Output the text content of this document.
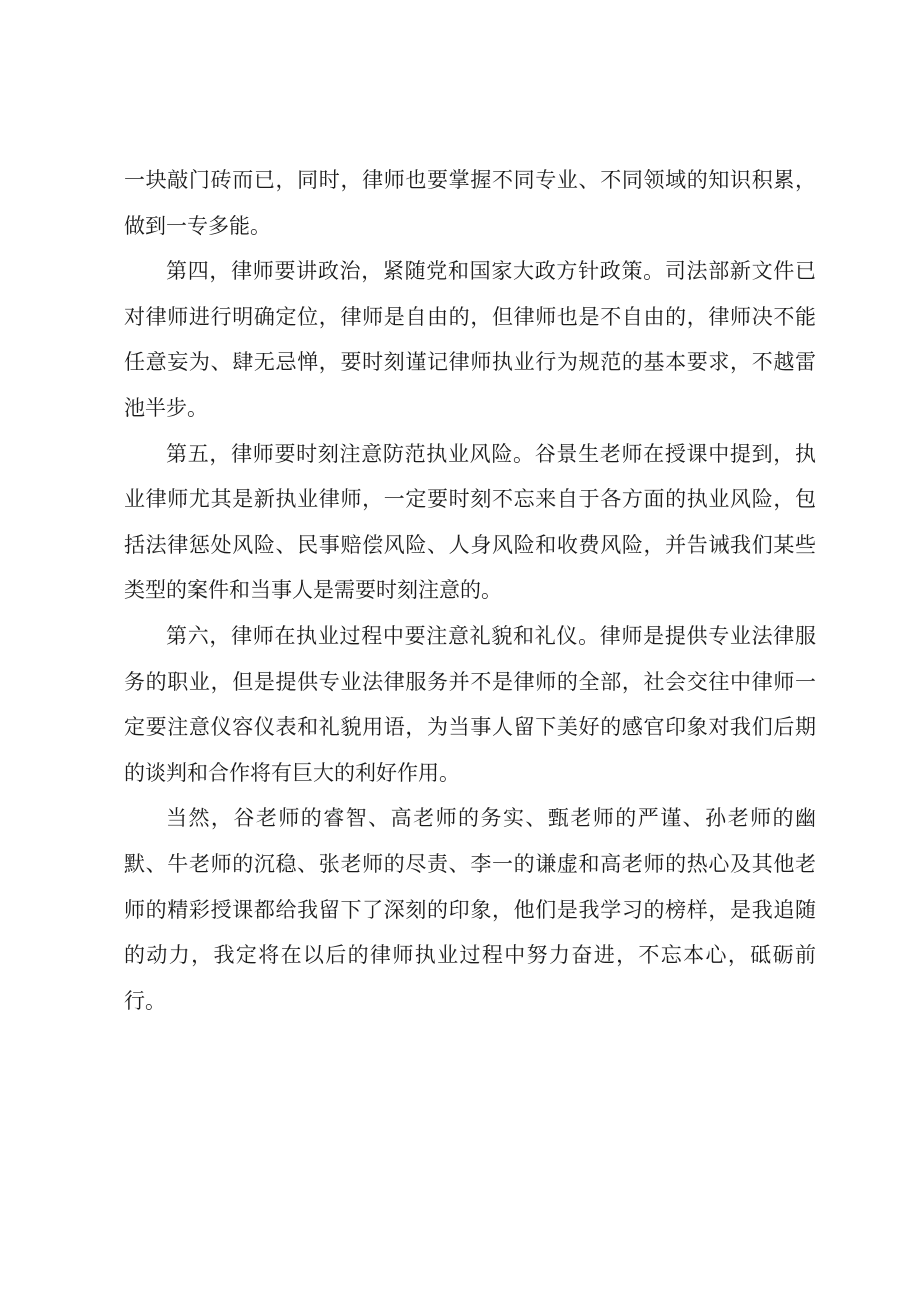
一块敲门砖而已，同时，律师也要掌握不同专业、不同领域的知识积累，做到一专多能。

第四，律师要讲政治，紧随党和国家大政方针政策。司法部新文件已对律师进行明确定位，律师是自由的，但律师也是不自由的，律师决不能任意妄为、肆无忌惮，要时刻谨记律师执业行为规范的基本要求，不越雷池半步。

第五，律师要时刻注意防范执业风险。谷景生老师在授课中提到，执业律师尤其是新执业律师，一定要时刻不忘来自于各方面的执业风险，包括法律惩处风险、民事赔偿风险、人身风险和收费风险，并告诫我们某些类型的案件和当事人是需要时刻注意的。

第六，律师在执业过程中要注意礼貌和礼仪。律师是提供专业法律服务的职业，但是提供专业法律服务并不是律师的全部，社会交往中律师一定要注意仪容仪表和礼貌用语，为当事人留下美好的感官印象对我们后期的谈判和合作将有巨大的利好作用。

当然，谷老师的睿智、高老师的务实、甄老师的严谨、孙老师的幽默、牛老师的沉稳、张老师的尽责、李一的谦虚和高老师的热心及其他老师的精彩授课都给我留下了深刻的印象，他们是我学习的榜样，是我追随的动力，我定将在以后的律师执业过程中努力奋进，不忘本心，砥砺前行。
